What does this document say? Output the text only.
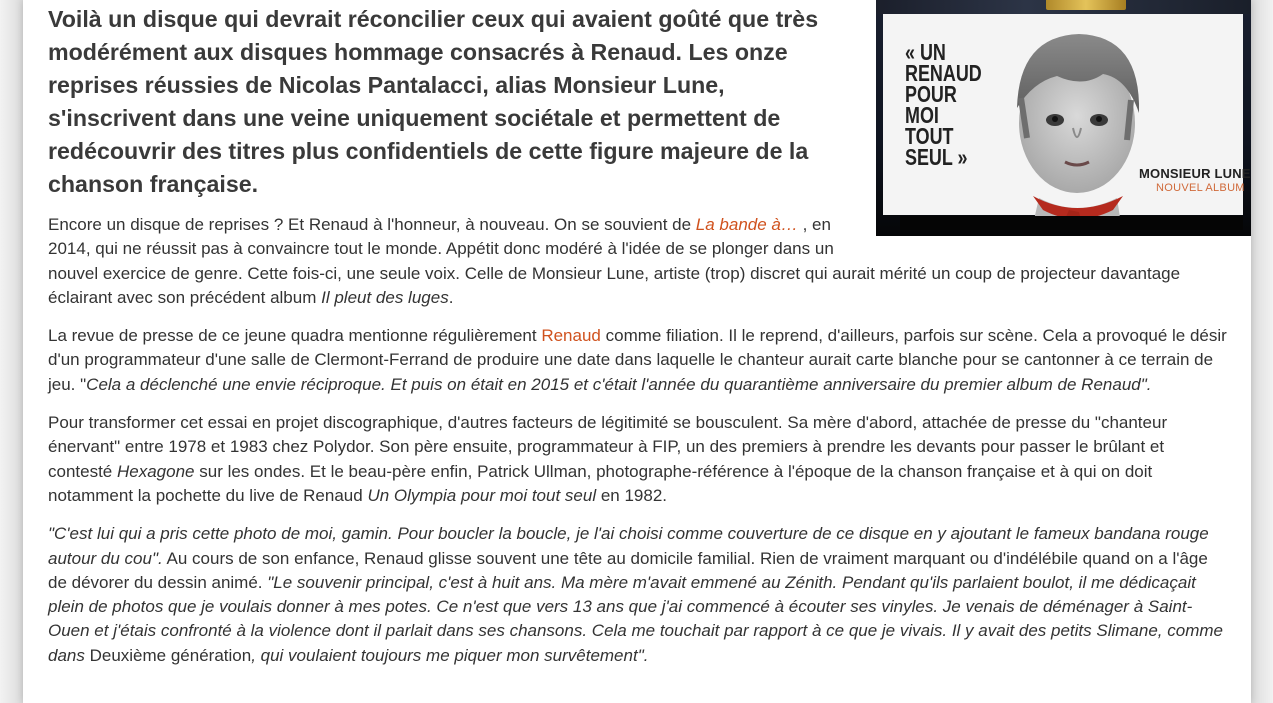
« UN
RENAUD
POUR
MOI
TOUT
SEUL »
MONSIEUR LUNE
NOUVEL ALBUM

Voilà un disque qui devrait réconcilier ceux qui avaient goûté que très modérément aux disques hommage consacrés à Renaud. Les onze reprises réussies de Nicolas Pantalacci, alias Monsieur Lune, s'inscrivent dans une veine uniquement sociétale et permettent de redécouvrir des titres plus confidentiels de cette figure majeure de la chanson française.

Encore un disque de reprises ? Et Renaud à l'honneur, à nouveau. On se souvient de La bande à… , en 2014, qui ne réussit pas à convaincre tout le monde. Appétit donc modéré à l'idée de se plonger dans un nouvel exercice de genre. Cette fois-ci, une seule voix. Celle de Monsieur Lune, artiste (trop) discret qui aurait mérité un coup de projecteur davantage éclairant avec son précédent album Il pleut des luges.

La revue de presse de ce jeune quadra mentionne régulièrement Renaud comme filiation. Il le reprend, d'ailleurs, parfois sur scène. Cela a provoqué le désir d'un programmateur d'une salle de Clermont-Ferrand de produire une date dans laquelle le chanteur aurait carte blanche pour se cantonner à ce terrain de jeu. "Cela a déclenché une envie réciproque. Et puis on était en 2015 et c'était l'année du quarantième anniversaire du premier album de Renaud".

Pour transformer cet essai en projet discographique, d'autres facteurs de légitimité se bousculent. Sa mère d'abord, attachée de presse du "chanteur énervant" entre 1978 et 1983 chez Polydor. Son père ensuite, programmateur à FIP, un des premiers à prendre les devants pour passer le brûlant et contesté Hexagone sur les ondes. Et le beau-père enfin, Patrick Ullman, photographe-référence à l'époque de la chanson française et à qui on doit notamment la pochette du live de Renaud Un Olympia pour moi tout seul en 1982.

"C'est lui qui a pris cette photo de moi, gamin. Pour boucler la boucle, je l'ai choisi comme couverture de ce disque en y ajoutant le fameux bandana rouge autour du cou". Au cours de son enfance, Renaud glisse souvent une tête au domicile familial. Rien de vraiment marquant ou d'indélébile quand on a l'âge de dévorer du dessin animé. "Le souvenir principal, c'est à huit ans. Ma mère m'avait emmené au Zénith. Pendant qu'ils parlaient boulot, il me dédicaçait plein de photos que je voulais donner à mes potes. Ce n'est que vers 13 ans que j'ai commencé à écouter ses vinyles. Je venais de déménager à Saint-Ouen et j'étais confronté à la violence dont il parlait dans ses chansons. Cela me touchait par rapport à ce que je vivais. Il y avait des petits Slimane, comme dans Deuxième génération, qui voulaient toujours me piquer mon survêtement".
